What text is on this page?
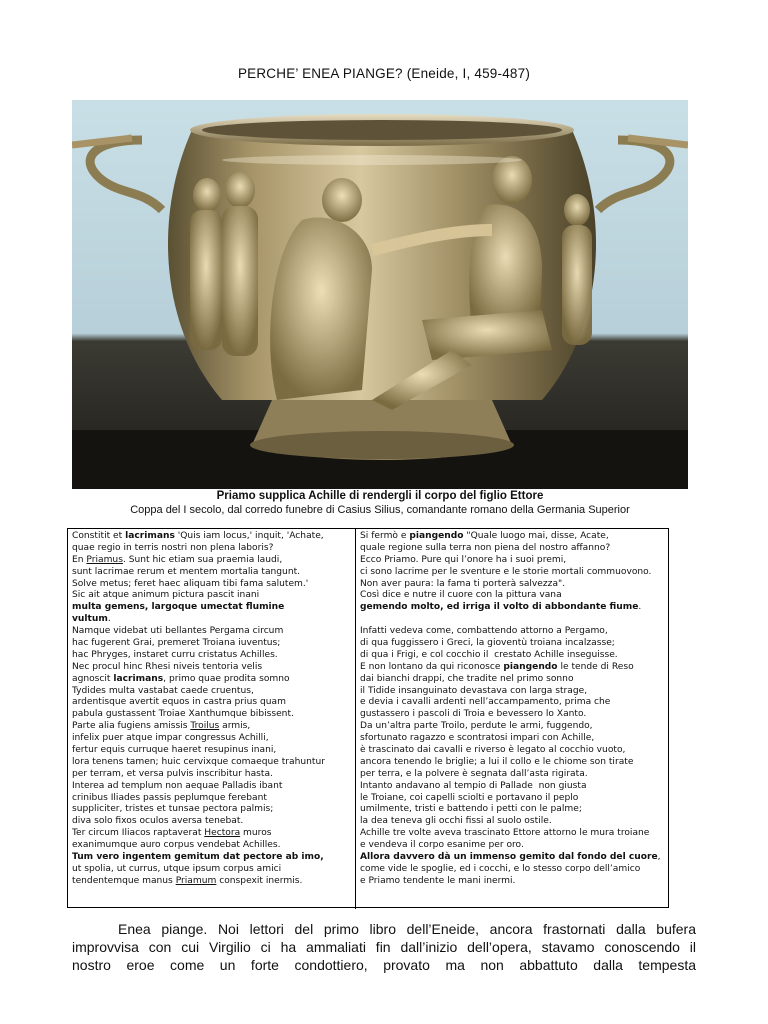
PERCHE’ ENEA PIANGE? (Eneide, I, 459-487)
Priamo supplica Achille di rendergli il corpo del figlio Ettore
Coppa del I secolo, dal corredo funebre di Casius Silius, comandante romano della Germania Superior
Constitit et lacrimans 'Quis iam locus,' inquit, 'Achate,
quae regio in terris nostri non plena laboris?
En Priamus. Sunt hic etiam sua praemia laudi,
sunt lacrimae rerum et mentem mortalia tangunt.
Solve metus; feret haec aliquam tibi fama salutem.'
Sic ait atque animum pictura pascit inani
multa gemens, largoque umectat flumine
vultum.
Namque videbat uti bellantes Pergama circum
hac fugerent Grai, premeret Troiana iuventus;
hac Phryges, instaret curru cristatus Achilles.
Nec procul hinc Rhesi niveis tentoria velis
agnoscit lacrimans, primo quae prodita somno
Tydides multa vastabat caede cruentus,
ardentisque avertit equos in castra prius quam
pabula gustassent Troiae Xanthumque bibissent.
Parte alia fugiens amissis Troilus armis,
infelix puer atque impar congressus Achilli,
fertur equis curruque haeret resupinus inani,
lora tenens tamen; huic cervixque comaeque trahuntur
per terram, et versa pulvis inscribitur hasta.
Interea ad templum non aequae Palladis ibant
crinibus Iliades passis peplumque ferebant
suppliciter, tristes et tunsae pectora palmis;
diva solo fixos oculos aversa tenebat.
Ter circum Iliacos raptaverat Hectora muros
exanimumque auro corpus vendebat Achilles.
Tum vero ingentem gemitum dat pectore ab imo,
ut spolia, ut currus, utque ipsum corpus amici
tendentemque manus Priamum conspexit inermis.
Si fermò e piangendo "Quale luogo mai, disse, Acate,
quale regione sulla terra non piena del nostro affanno?
Ecco Priamo. Pure qui l’onore ha i suoi premi,
ci sono lacrime per le sventure e le storie mortali commuovono.
Non aver paura: la fama ti porterà salvezza".
Così dice e nutre il cuore con la pittura vana
gemendo molto, ed irriga il volto di abbondante fiume.
Infatti vedeva come, combattendo attorno a Pergamo,
di qua fuggissero i Greci, la gioventù troiana incalzasse;
di qua i Frigi, e col cocchio il  crestato Achille inseguisse.
E non lontano da qui riconosce piangendo le tende di Reso
dai bianchi drappi, che tradite nel primo sonno
il Tidide insanguinato devastava con larga strage,
e devia i cavalli ardenti nell’accampamento, prima che
gustassero i pascoli di Troia e bevessero lo Xanto.
Da un’altra parte Troilo, perdute le armi, fuggendo,
sfortunato ragazzo e scontratosi impari con Achille,
è trascinato dai cavalli e riverso è legato al cocchio vuoto,
ancora tenendo le briglie; a lui il collo e le chiome son tirate
per terra, e la polvere è segnata dall’asta rigirata.
Intanto andavano al tempio di Pallade  non giusta
le Troiane, coi capelli sciolti e portavano il peplo
umilmente, tristi e battendo i petti con le palme;
la dea teneva gli occhi fissi al suolo ostile.
Achille tre volte aveva trascinato Ettore attorno le mura troiane
e vendeva il corpo esanime per oro.
Allora davvero dà un immenso gemito dal fondo del cuore,
come vide le spoglie, ed i cocchi, e lo stesso corpo dell’amico
e Priamo tendente le mani inermi.
Enea piange. Noi lettori del primo libro dell’Eneide, ancora frastornati dalla bufera
improvvisa con cui Virgilio ci ha ammaliati fin dall’inizio dell’opera, stavamo conoscendo il
nostro eroe come un forte condottiero, provato ma non abbattuto dalla tempesta
